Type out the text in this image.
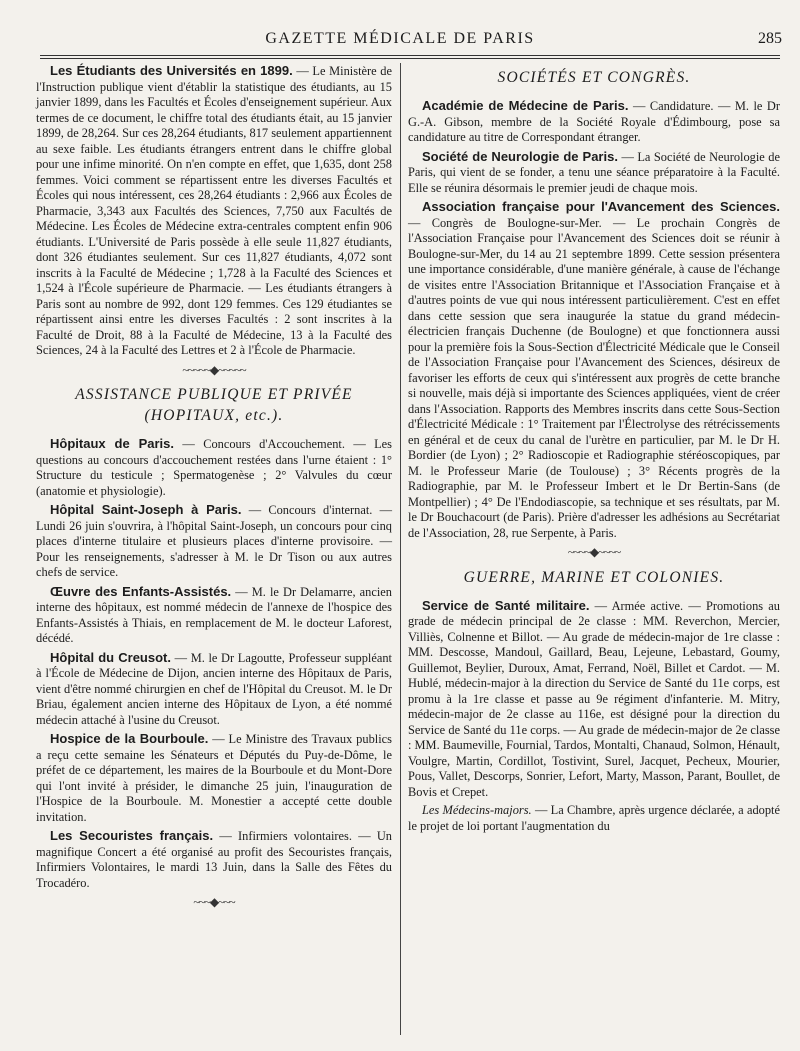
GAZETTE MÉDICALE DE PARIS	285

Les Étudiants des Universités en 1899. — Le Ministère de l'Instruction publique vient d'établir la statistique des étudiants, au 15 janvier 1899, dans les Facultés et Écoles d'enseignement supérieur. Aux termes de ce document, le chiffre total des étudiants était, au 15 janvier 1899, de 28,264. Sur ces 28,264 étudiants, 817 seulement appartiennent au sexe faible. Les étudiants étrangers entrent dans le chiffre global pour une infime minorité. On n'en compte en effet, que 1,635, dont 258 femmes. Voici comment se répartissent entre les diverses Facultés et Écoles qui nous intéressent, ces 28,264 étudiants : 2,966 aux Écoles de Pharmacie, 3,343 aux Facultés des Sciences, 7,750 aux Facultés de Médecine. Les Écoles de Médecine extra-centrales comptent enfin 906 étudiants. L'Université de Paris possède à elle seule 11,827 étudiants, dont 326 étudiantes seulement. Sur ces 11,827 étudiants, 4,072 sont inscrits à la Faculté de Médecine ; 1,728 à la Faculté des Sciences et 1,524 à l'École supérieure de Pharmacie. — Les étudiants étrangers à Paris sont au nombre de 992, dont 129 femmes. Ces 129 étudiantes se répartissent ainsi entre les diverses Facultés : 2 sont inscrites à la Faculté de Droit, 88 à la Faculté de Médecine, 13 à la Faculté des Sciences, 24 à la Faculté des Lettres et 2 à l'École de Pharmacie.

~~~~~◆~~~~~

ASSISTANCE PUBLIQUE ET PRIVÉE
(HOPITAUX, etc.).

Hôpitaux de Paris. — Concours d'Accouchement. — Les questions au concours d'accouchement restées dans l'urne étaient : 1° Structure du testicule ; Spermatogenèse ; 2° Valvules du cœur (anatomie et physiologie).

Hôpital Saint-Joseph à Paris. — Concours d'internat. — Lundi 26 juin s'ouvrira, à l'hôpital Saint-Joseph, un concours pour cinq places d'interne titulaire et plusieurs places d'interne provisoire. — Pour les renseignements, s'adresser à M. le Dr Tison ou aux autres chefs de service.

Œuvre des Enfants-Assistés. — M. le Dr Delamarre, ancien interne des hôpitaux, est nommé médecin de l'annexe de l'hospice des Enfants-Assistés à Thiais, en remplacement de M. le docteur Laforest, décédé.

Hôpital du Creusot. — M. le Dr Lagoutte, Professeur suppléant à l'École de Médecine de Dijon, ancien interne des Hôpitaux de Paris, vient d'être nommé chirurgien en chef de l'Hôpital du Creusot. M. le Dr Briau, également ancien interne des Hôpitaux de Lyon, a été nommé médecin attaché à l'usine du Creusot.

Hospice de la Bourboule. — Le Ministre des Travaux publics a reçu cette semaine les Sénateurs et Députés du Puy-de-Dôme, le préfet de ce département, les maires de la Bourboule et du Mont-Dore qui l'ont invité à présider, le dimanche 25 juin, l'inauguration de l'Hospice de la Bourboule. M. Monestier a accepté cette double invitation.

Les Secouristes français. — Infirmiers volontaires. — Un magnifique Concert a été organisé au profit des Secouristes français, Infirmiers Volontaires, le mardi 13 Juin, dans la Salle des Fêtes du Trocadéro.

~~~◆~~~

SOCIÉTÉS ET CONGRÈS.

Académie de Médecine de Paris. — Candidature. — M. le Dr G.-A. Gibson, membre de la Société Royale d'Édimbourg, pose sa candidature au titre de Correspondant étranger.

Société de Neurologie de Paris. — La Société de Neurologie de Paris, qui vient de se fonder, a tenu une séance préparatoire à la Faculté. Elle se réunira désormais le premier jeudi de chaque mois.

Association française pour l'Avancement des Sciences. — Congrès de Boulogne-sur-Mer. — Le prochain Congrès de l'Association Française pour l'Avancement des Sciences doit se réunir à Boulogne-sur-Mer, du 14 au 21 septembre 1899. Cette session présentera une importance considérable, d'une manière générale, à cause de l'échange de visites entre l'Association Britannique et l'Association Française et à d'autres points de vue qui nous intéressent particulièrement. C'est en effet dans cette session que sera inaugurée la statue du grand médecin-électricien français Duchenne (de Boulogne) et que fonctionnera aussi pour la première fois la Sous-Section d'Électricité Médicale que le Conseil de l'Association Française pour l'Avancement des Sciences, désireux de favoriser les efforts de ceux qui s'intéressent aux progrès de cette branche si nouvelle, mais déjà si importante des Sciences appliquées, vient de créer dans l'Association. Rapports des Membres inscrits dans cette Sous-Section d'Électricité Médicale : 1° Traitement par l'Électrolyse des rétrécissements en général et de ceux du canal de l'urètre en particulier, par M. le Dr H. Bordier (de Lyon) ; 2° Radioscopie et Radiographie stéréoscopiques, par M. le Professeur Marie (de Toulouse) ; 3° Récents progrès de la Radiographie, par M. le Professeur Imbert et le Dr Bertin-Sans (de Montpellier) ; 4° De l'Endodiascopie, sa technique et ses résultats, par M. le Dr Bouchacourt (de Paris). Prière d'adresser les adhésions au Secrétariat de l'Association, 28, rue Serpente, à Paris.

~~~~◆~~~~

GUERRE, MARINE ET COLONIES.

Service de Santé militaire. — Armée active. — Promotions au grade de médecin principal de 2e classe : MM. Reverchon, Mercier, Villiès, Colnenne et Billot. — Au grade de médecin-major de 1re classe : MM. Descosse, Mandoul, Gaillard, Beau, Lejeune, Lebastard, Goumy, Guillemot, Beylier, Duroux, Amat, Ferrand, Noël, Billet et Cardot. — M. Hublé, médecin-major à la direction du Service de Santé du 11e corps, est promu à la 1re classe et passe au 9e régiment d'infanterie. M. Mitry, médecin-major de 2e classe au 116e, est désigné pour la direction du Service de Santé du 11e corps. — Au grade de médecin-major de 2e classe : MM. Baumeville, Fournial, Tardos, Montalti, Chanaud, Solmon, Hénault, Voulgre, Martin, Cordillot, Tostivint, Surel, Jacquet, Pecheux, Mourier, Pous, Vallet, Descorps, Sonrier, Lefort, Marty, Masson, Parant, Boullet, de Bovis et Crepet.

Les Médecins-majors. — La Chambre, après urgence déclarée, a adopté le projet de loi portant l'augmentation du
